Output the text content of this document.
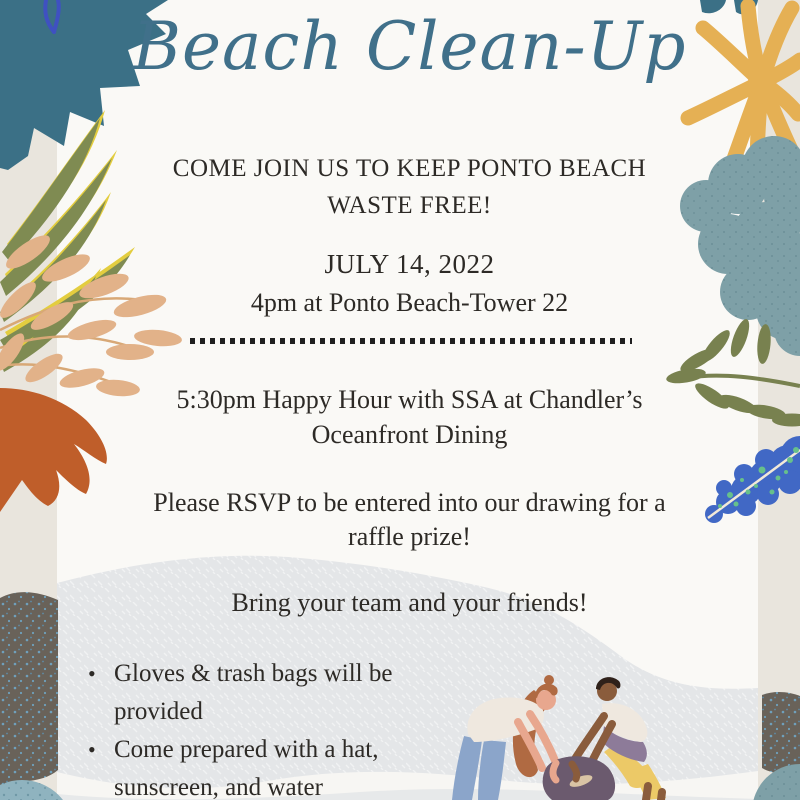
Beach Clean-Up
COME JOIN US TO KEEP PONTO BEACH
WASTE FREE!
JULY 14, 2022
4pm at Ponto Beach-Tower 22
5:30pm Happy Hour with SSA at Chandler’s
Oceanfront Dining
Please RSVP to be entered into our drawing for a
raffle prize!
Bring your team and your friends!
• Gloves & trash bags will be
provided
• Come prepared with a hat,
sunscreen, and water
